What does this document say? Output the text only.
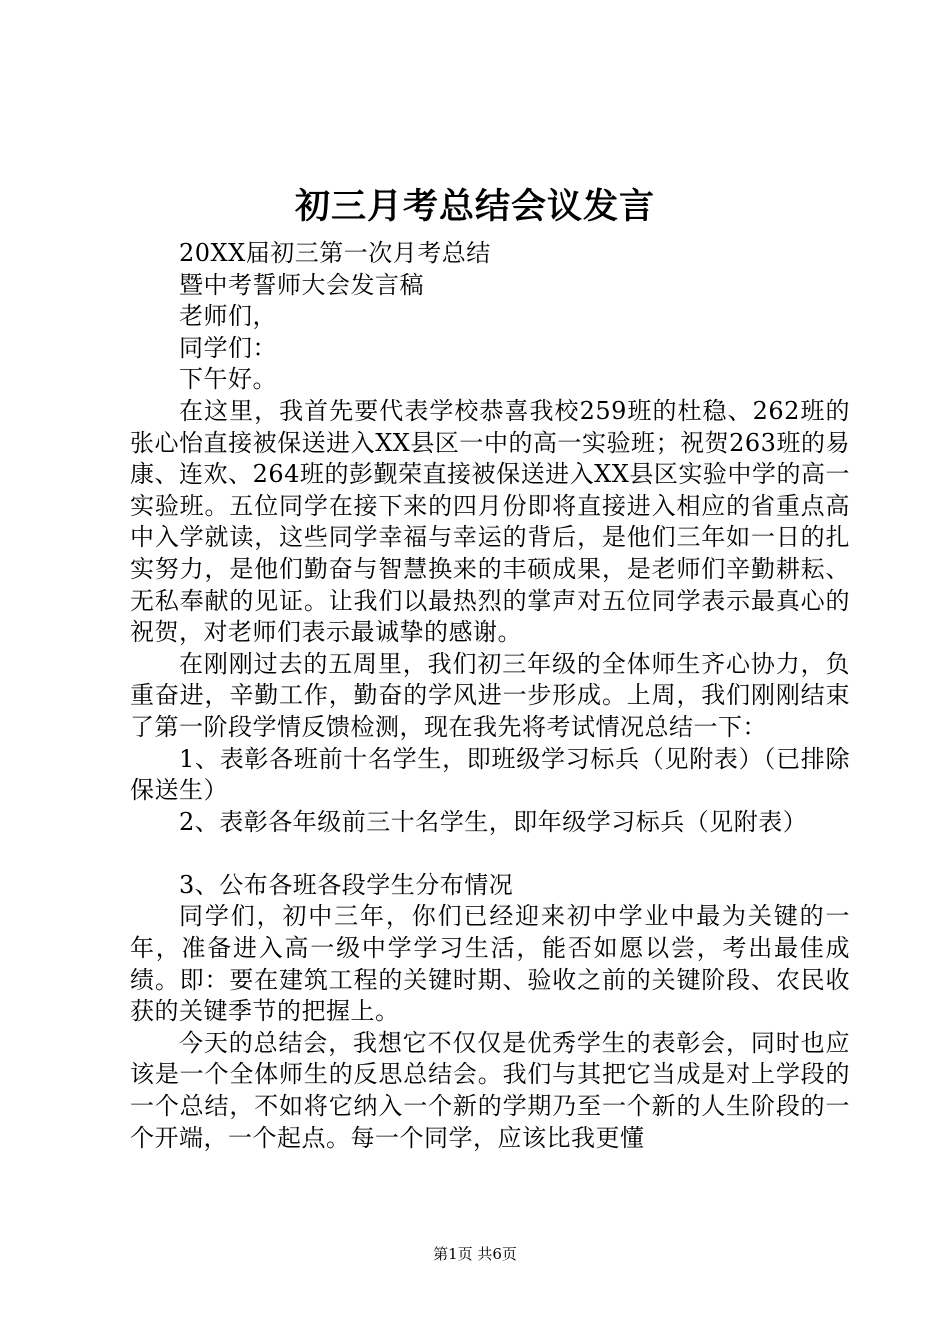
初三月考总结会议发言

20XX届初三第一次月考总结

暨中考誓师大会发言稿

老师们，

同学们：

下午好。

在这里，我首先要代表学校恭喜我校259班的杜稳、262班的张心怡直接被保送进入XX县区一中的高一实验班；祝贺263班的易康、连欢、264班的彭觐荣直接被保送进入XX县区实验中学的高一实验班。五位同学在接下来的四月份即将直接进入相应的省重点高中入学就读，这些同学幸福与幸运的背后，是他们三年如一日的扎实努力，是他们勤奋与智慧换来的丰硕成果，是老师们辛勤耕耘、无私奉献的见证。让我们以最热烈的掌声对五位同学表示最真心的祝贺，对老师们表示最诚挚的感谢。

在刚刚过去的五周里，我们初三年级的全体师生齐心协力，负重奋进，辛勤工作，勤奋的学风进一步形成。上周，我们刚刚结束了第一阶段学情反馈检测，现在我先将考试情况总结一下：

1、表彰各班前十名学生，即班级学习标兵（见附表）（已排除保送生）

2、表彰各年级前三十名学生，即年级学习标兵（见附表）

3、公布各班各段学生分布情况

同学们，初中三年，你们已经迎来初中学业中最为关键的一年，准备进入高一级中学学习生活，能否如愿以尝，考出最佳成绩。即：要在建筑工程的关键时期、验收之前的关键阶段、农民收获的关键季节的把握上。

今天的总结会，我想它不仅仅是优秀学生的表彰会，同时也应该是一个全体师生的反思总结会。我们与其把它当成是对上学段的一个总结，不如将它纳入一个新的学期乃至一个新的人生阶段的一个开端，一个起点。每一个同学，应该比我更懂

第1页 共6页
